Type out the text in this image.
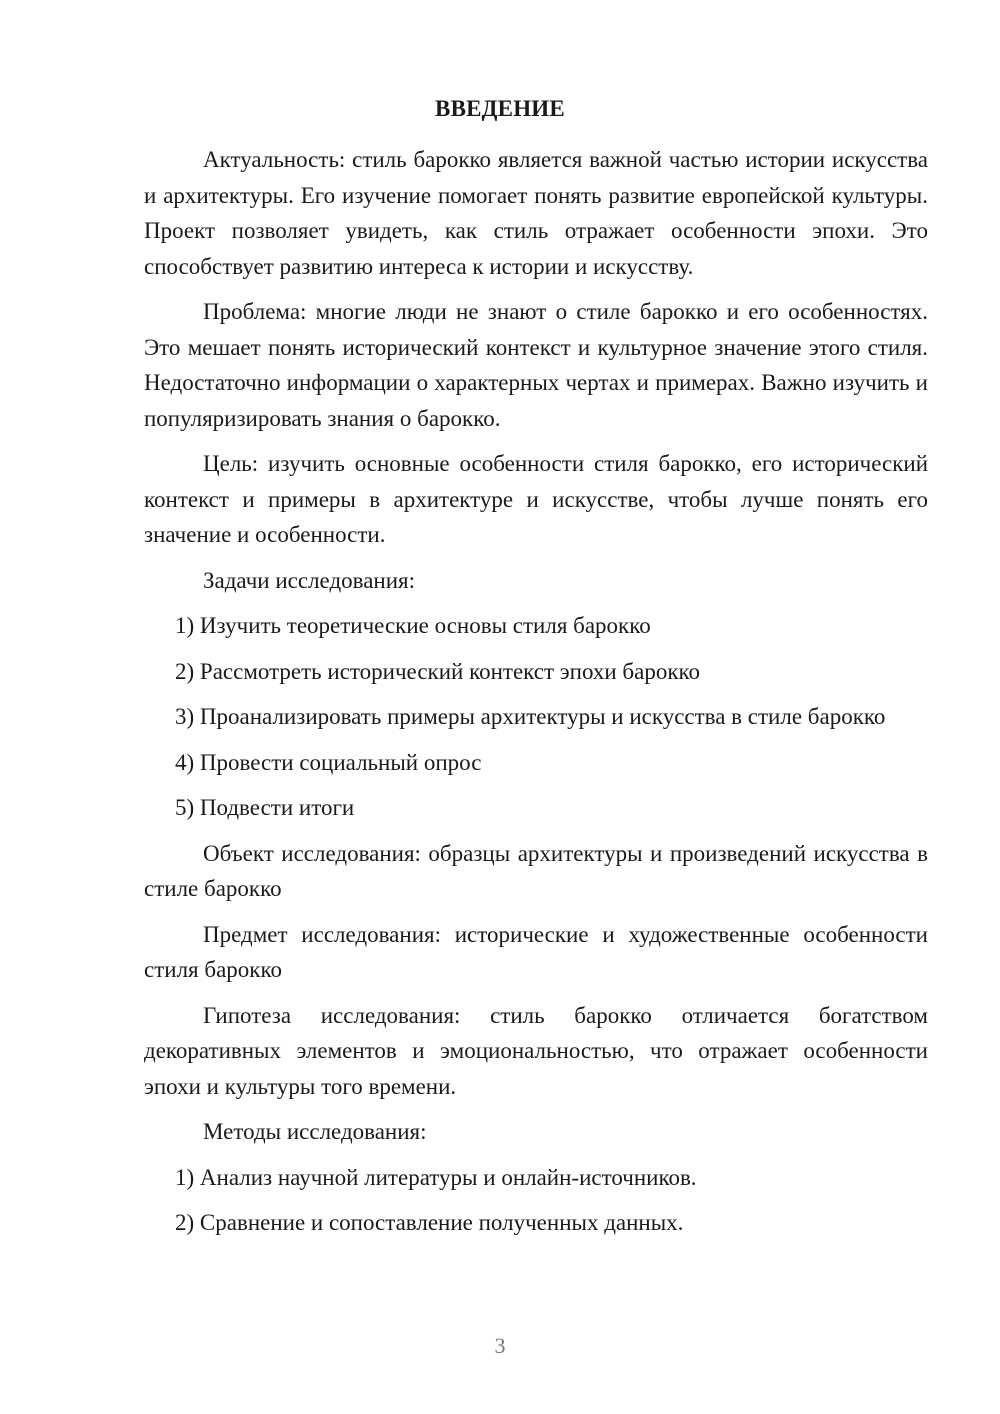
ВВЕДЕНИЕ

Актуальность: стиль барокко является важной частью истории искусства и архитектуры. Его изучение помогает понять развитие европейской культуры. Проект позволяет увидеть, как стиль отражает особенности эпохи. Это способствует развитию интереса к истории и искусству.

Проблема: многие люди не знают о стиле барокко и его особенностях. Это мешает понять исторический контекст и культурное значение этого стиля. Недостаточно информации о характерных чертах и примерах. Важно изучить и популяризировать знания о барокко.

Цель: изучить основные особенности стиля барокко, его исторический контекст и примеры в архитектуре и искусстве, чтобы лучше понять его значение и особенности.

Задачи исследования:

1) Изучить теоретические основы стиля барокко

2) Рассмотреть исторический контекст эпохи барокко

3) Проанализировать примеры архитектуры и искусства в стиле барокко

4) Провести социальный опрос

5) Подвести итоги

Объект исследования: образцы архитектуры и произведений искусства в стиле барокко

Предмет исследования: исторические и художественные особенности стиля барокко

Гипотеза исследования: стиль барокко отличается богатством декоративных элементов и эмоциональностью, что отражает особенности эпохи и культуры того времени.

Методы исследования:

1) Анализ научной литературы и онлайн-источников.

2) Сравнение и сопоставление полученных данных.

3
